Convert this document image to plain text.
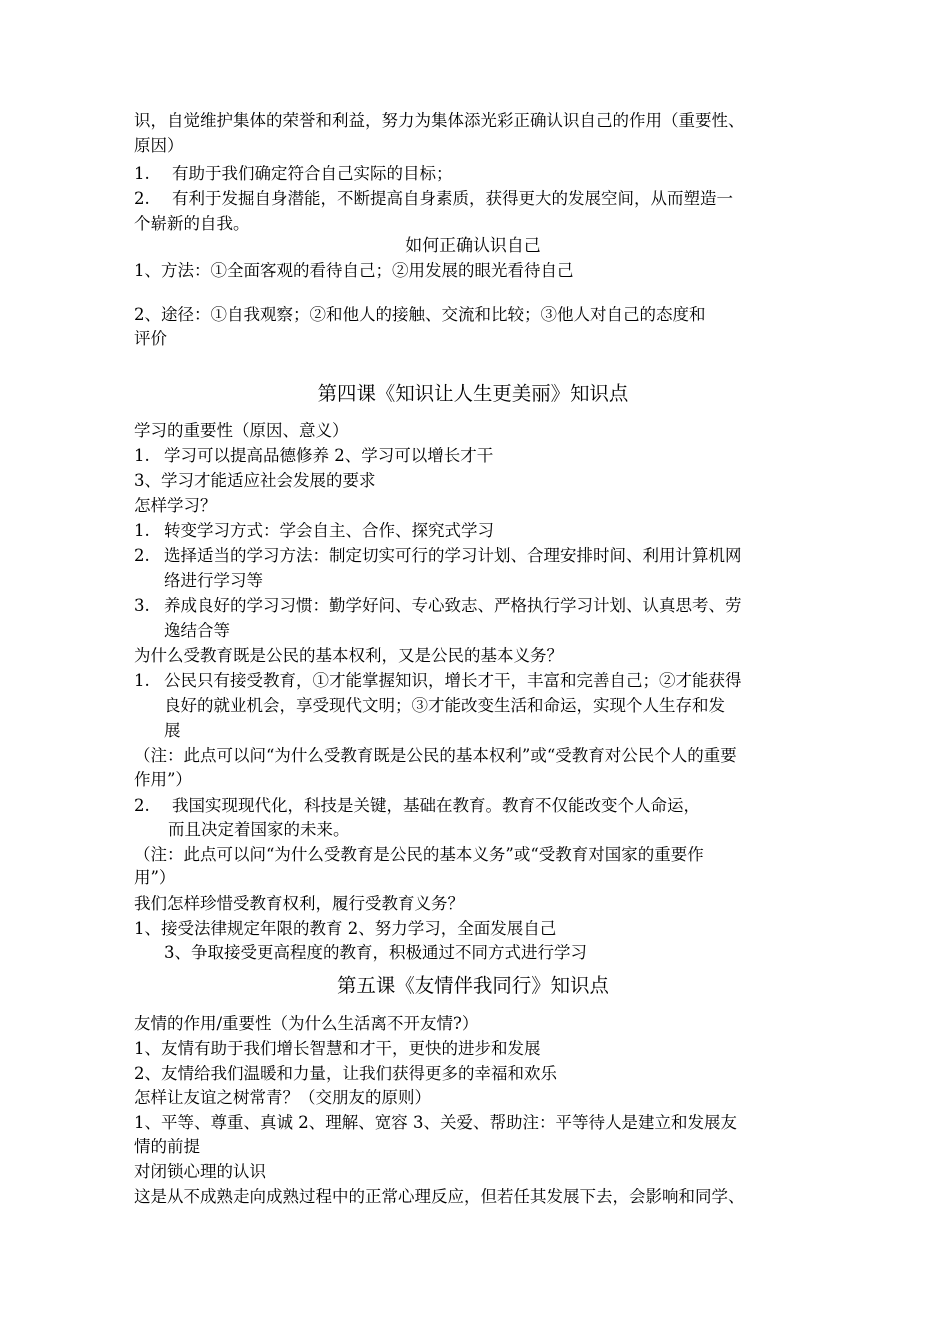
识，自觉维护集体的荣誉和利益，努力为集体添光彩正确认识自己的作用（重要性、

原因）

1. 有助于我们确定符合自己实际的目标；

2. 有利于发掘自身潜能，不断提高自身素质，获得更大的发展空间，从而塑造一

个崭新的自我。

如何正确认识自己

1、方法：①全面客观的看待自己；②用发展的眼光看待自己

2、途径：①自我观察；②和他人的接触、交流和比较；③他人对自己的态度和

评价

第四课《知识让人生更美丽》知识点

学习的重要性（原因、意义）

1. 学习可以提高品德修养 2、学习可以增长才干

3、学习才能适应社会发展的要求

怎样学习？

1. 转变学习方式：学会自主、合作、探究式学习

2. 选择适当的学习方法：制定切实可行的学习计划、合理安排时间、利用计算机网

络进行学习等

3. 养成良好的学习习惯：勤学好问、专心致志、严格执行学习计划、认真思考、劳

逸结合等

为什么受教育既是公民的基本权利，又是公民的基本义务？

1. 公民只有接受教育，①才能掌握知识，增长才干，丰富和完善自己；②才能获得

良好的就业机会，享受现代文明；③才能改变生活和命运，实现个人生存和发

展

（注：此点可以问“为什么受教育既是公民的基本权利”或“受教育对公民个人的重要

作用”）

2. 我国实现现代化，科技是关键，基础在教育。教育不仅能改变个人命运，

而且决定着国家的未来。

（注：此点可以问“为什么受教育是公民的基本义务”或“受教育对国家的重要作

用”）

我们怎样珍惜受教育权利，履行受教育义务？

1、接受法律规定年限的教育 2、努力学习，全面发展自己

3、争取接受更高程度的教育，积极通过不同方式进行学习

第五课《友情伴我同行》知识点

友情的作用/重要性（为什么生活离不开友情?）

1、友情有助于我们增长智慧和才干，更快的进步和发展

2、友情给我们温暖和力量，让我们获得更多的幸福和欢乐

怎样让友谊之树常青？（交朋友的原则）

1、平等、尊重、真诚 2、理解、宽容 3、关爱、帮助注：平等待人是建立和发展友

情的前提

对闭锁心理的认识

这是从不成熟走向成熟过程中的正常心理反应，但若任其发展下去，会影响和同学、
